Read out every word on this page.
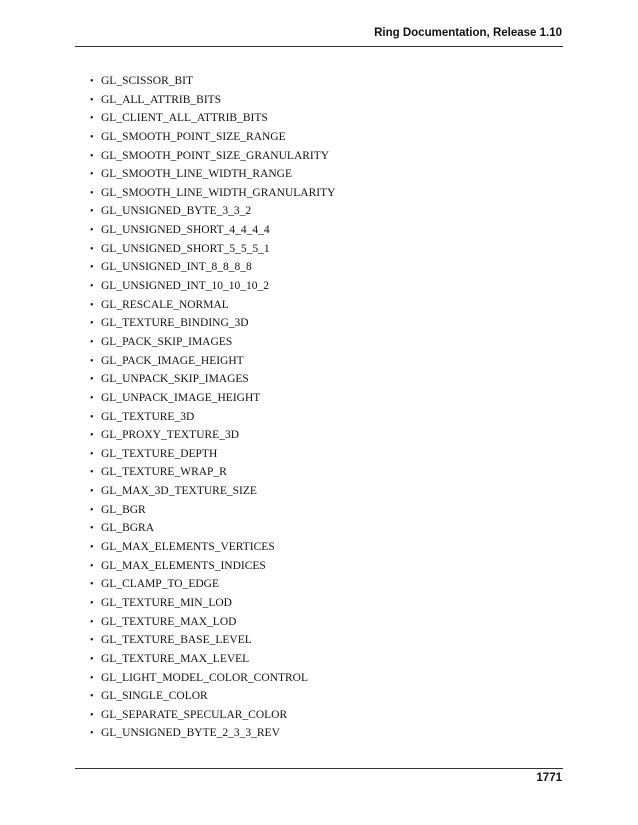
Ring Documentation, Release 1.10
• GL_SCISSOR_BIT
• GL_ALL_ATTRIB_BITS
• GL_CLIENT_ALL_ATTRIB_BITS
• GL_SMOOTH_POINT_SIZE_RANGE
• GL_SMOOTH_POINT_SIZE_GRANULARITY
• GL_SMOOTH_LINE_WIDTH_RANGE
• GL_SMOOTH_LINE_WIDTH_GRANULARITY
• GL_UNSIGNED_BYTE_3_3_2
• GL_UNSIGNED_SHORT_4_4_4_4
• GL_UNSIGNED_SHORT_5_5_5_1
• GL_UNSIGNED_INT_8_8_8_8
• GL_UNSIGNED_INT_10_10_10_2
• GL_RESCALE_NORMAL
• GL_TEXTURE_BINDING_3D
• GL_PACK_SKIP_IMAGES
• GL_PACK_IMAGE_HEIGHT
• GL_UNPACK_SKIP_IMAGES
• GL_UNPACK_IMAGE_HEIGHT
• GL_TEXTURE_3D
• GL_PROXY_TEXTURE_3D
• GL_TEXTURE_DEPTH
• GL_TEXTURE_WRAP_R
• GL_MAX_3D_TEXTURE_SIZE
• GL_BGR
• GL_BGRA
• GL_MAX_ELEMENTS_VERTICES
• GL_MAX_ELEMENTS_INDICES
• GL_CLAMP_TO_EDGE
• GL_TEXTURE_MIN_LOD
• GL_TEXTURE_MAX_LOD
• GL_TEXTURE_BASE_LEVEL
• GL_TEXTURE_MAX_LEVEL
• GL_LIGHT_MODEL_COLOR_CONTROL
• GL_SINGLE_COLOR
• GL_SEPARATE_SPECULAR_COLOR
• GL_UNSIGNED_BYTE_2_3_3_REV
1771
